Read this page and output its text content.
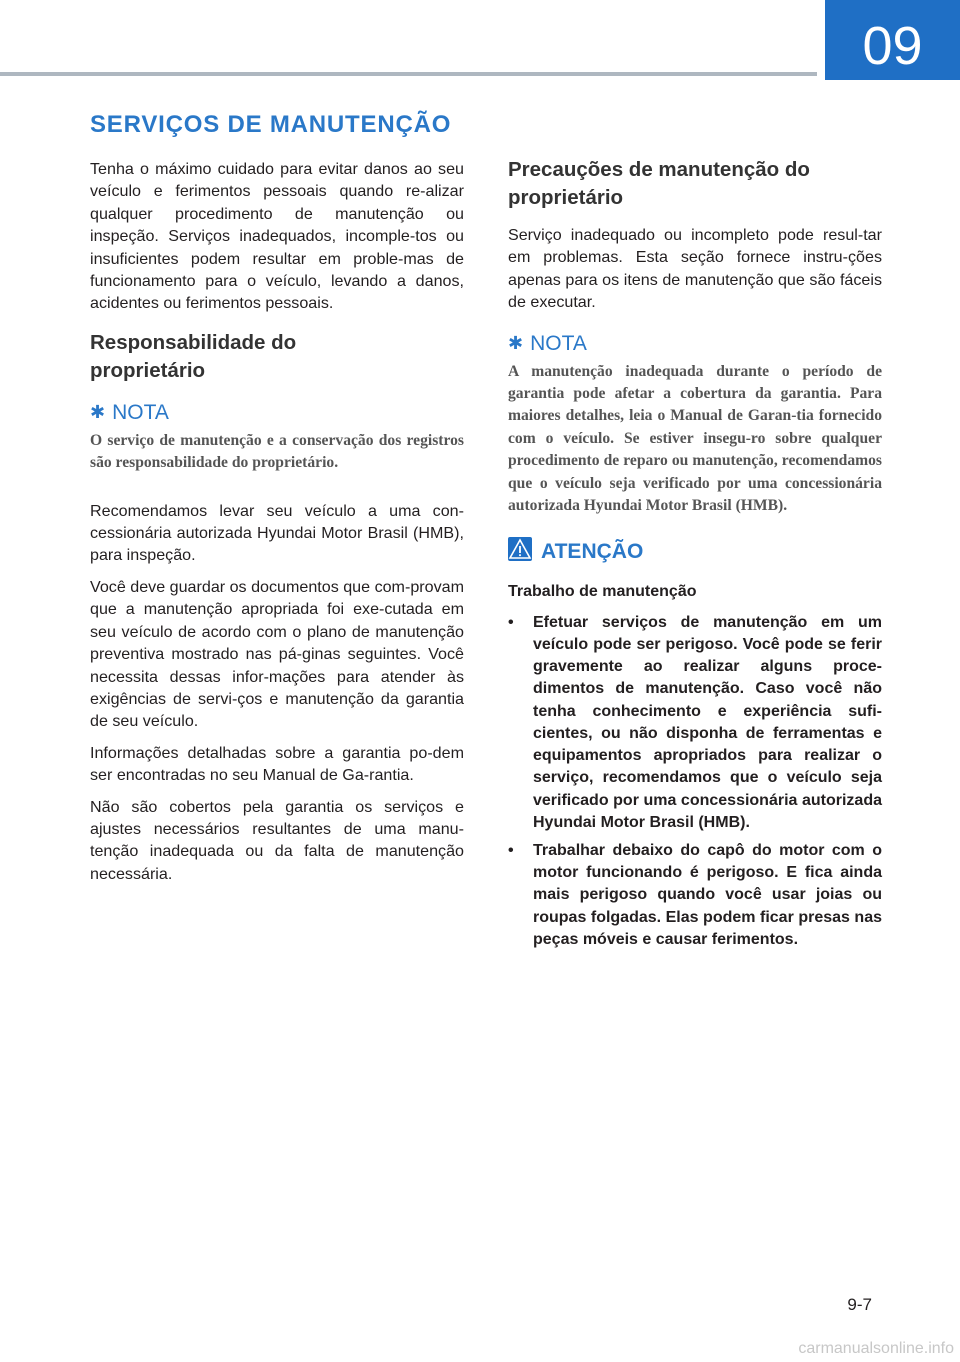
09
SERVIÇOS DE MANUTENÇÃO

Tenha o máximo cuidado para evitar danos ao seu veículo e ferimentos pessoais quando re-alizar qualquer procedimento de manutenção ou inspeção. Serviços inadequados, incomple-tos ou insuficientes podem resultar em proble-mas de funcionamento para o veículo, levando a danos, acidentes ou ferimentos pessoais.

Responsabilidade do
proprietário
✱ NOTA

O serviço de manutenção e a conservação dos registros são responsabilidade do proprietário.

Recomendamos levar seu veículo a uma con-cessionária autorizada Hyundai Motor Brasil (HMB), para inspeção.

Você deve guardar os documentos que com-provam que a manutenção apropriada foi exe-cutada em seu veículo de acordo com o plano de manutenção preventiva mostrado nas pá-ginas seguintes. Você necessita dessas infor-mações para atender às exigências de servi-ços e manutenção da garantia de seu veículo.

Informações detalhadas sobre a garantia po-dem ser encontradas no seu Manual de Ga-rantia.

Não são cobertos pela garantia os serviços e ajustes necessários resultantes de uma manu-tenção inadequada ou da falta de manutenção necessária.

Precauções de manutenção do
proprietário

Serviço inadequado ou incompleto pode resul-tar em problemas. Esta seção fornece instru-ções apenas para os itens de manutenção que são fáceis de executar.

✱ NOTA

A manutenção inadequada durante o período de garantia pode afetar a cobertura da garantia. Para maiores detalhes, leia o Manual de Garan-tia fornecido com o veículo. Se estiver insegu-ro sobre qualquer procedimento de reparo ou manutenção, recomendamos que o veículo seja verificado por uma concessionária autorizada Hyundai Motor Brasil (HMB).

ATENÇÃO

Trabalho de manutenção

• Efetuar serviços de manutenção em um veículo pode ser perigoso. Você pode se ferir gravemente ao realizar alguns proce-dimentos de manutenção. Caso você não tenha conhecimento e experiência sufi-cientes, ou não disponha de ferramentas e equipamentos apropriados para realizar o serviço, recomendamos que o veículo seja verificado por uma concessionária autorizada Hyundai Motor Brasil (HMB).
• Trabalhar debaixo do capô do motor com o motor funcionando é perigoso. E fica ainda mais perigoso quando você usar joias ou roupas folgadas. Elas podem ficar presas nas peças móveis e causar ferimentos.
9-7
carmanualsonline.info
